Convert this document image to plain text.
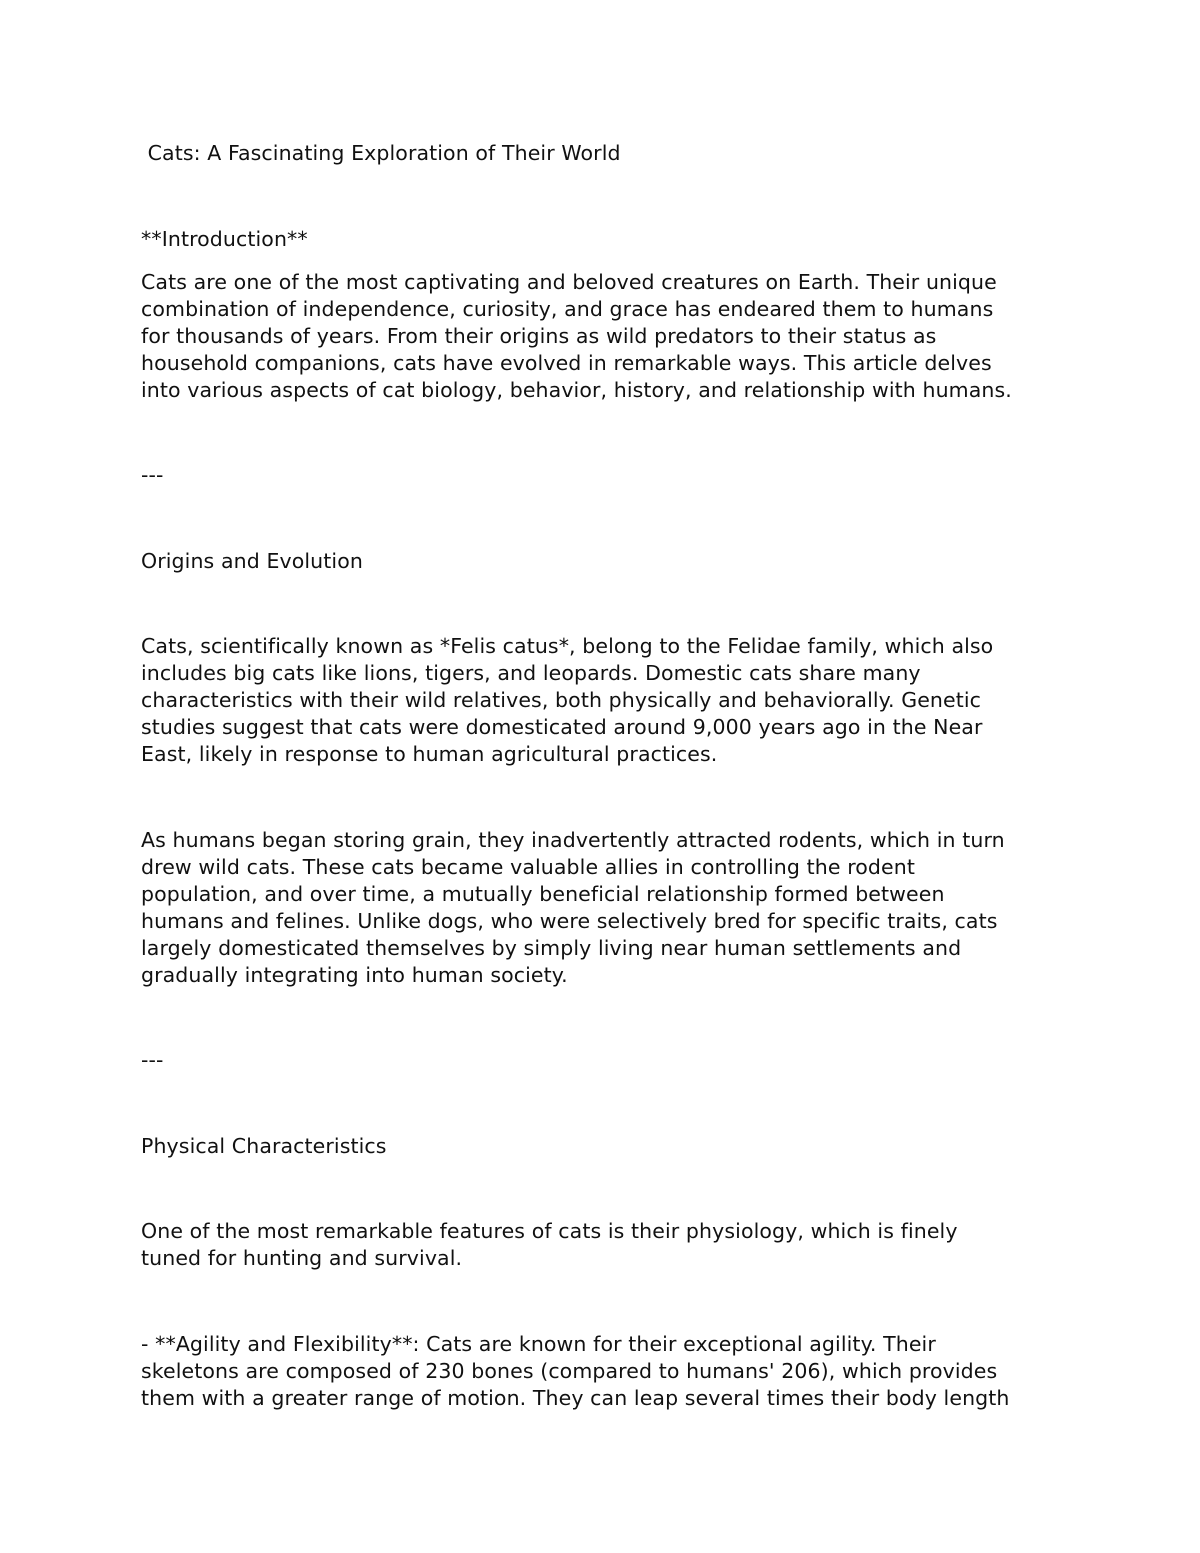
Cats: A Fascinating Exploration of Their World
**Introduction**
Cats are one of the most captivating and beloved creatures on Earth. Their unique
combination of independence, curiosity, and grace has endeared them to humans
for thousands of years. From their origins as wild predators to their status as
household companions, cats have evolved in remarkable ways. This article delves
into various aspects of cat biology, behavior, history, and relationship with humans.
---
Origins and Evolution
Cats, scientifically known as *Felis catus*, belong to the Felidae family, which also
includes big cats like lions, tigers, and leopards. Domestic cats share many
characteristics with their wild relatives, both physically and behaviorally. Genetic
studies suggest that cats were domesticated around 9,000 years ago in the Near
East, likely in response to human agricultural practices.
As humans began storing grain, they inadvertently attracted rodents, which in turn
drew wild cats. These cats became valuable allies in controlling the rodent
population, and over time, a mutually beneficial relationship formed between
humans and felines. Unlike dogs, who were selectively bred for specific traits, cats
largely domesticated themselves by simply living near human settlements and
gradually integrating into human society.
---
Physical Characteristics
One of the most remarkable features of cats is their physiology, which is finely
tuned for hunting and survival.
- **Agility and Flexibility**: Cats are known for their exceptional agility. Their
skeletons are composed of 230 bones (compared to humans' 206), which provides
them with a greater range of motion. They can leap several times their body length
